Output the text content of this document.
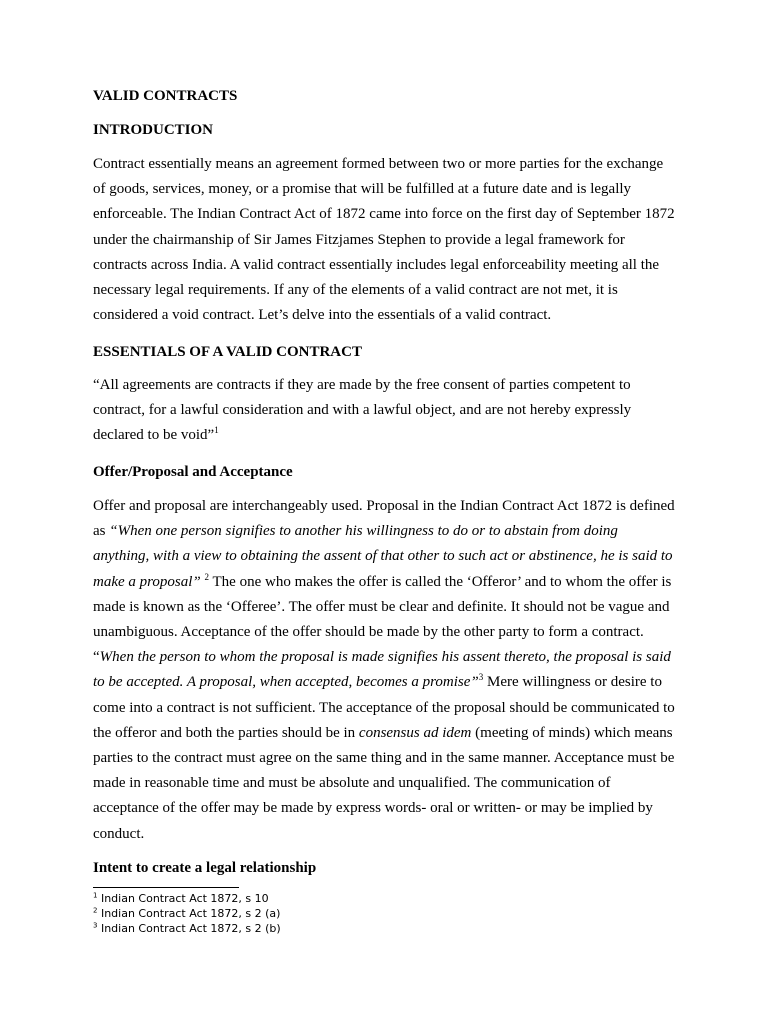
VALID CONTRACTS
INTRODUCTION

Contract essentially means an agreement formed between two or more parties for the exchange of goods, services, money, or a promise that will be fulfilled at a future date and is legally enforceable. The Indian Contract Act of 1872 came into force on the first day of September 1872 under the chairmanship of Sir James Fitzjames Stephen to provide a legal framework for contracts across India. A valid contract essentially includes legal enforceability meeting all the necessary legal requirements. If any of the elements of a valid contract are not met, it is considered a void contract. Let’s delve into the essentials of a valid contract.

ESSENTIALS OF A VALID CONTRACT

“All agreements are contracts if they are made by the free consent of parties competent to contract, for a lawful consideration and with a lawful object, and are not hereby expressly declared to be void”$^1$

Offer/Proposal and Acceptance

Offer and proposal are interchangeably used. Proposal in the Indian Contract Act 1872 is defined as “When one person signifies to another his willingness to do or to abstain from doing anything, with a view to obtaining the assent of that other to such act or abstinence, he is said to make a proposal” $^2$ The one who makes the offer is called the ‘Offeror’ and to whom the offer is made is known as the ‘Offeree’. The offer must be clear and definite. It should not be vague and unambiguous. Acceptance of the offer should be made by the other party to form a contract. “When the person to whom the proposal is made signifies his assent thereto, the proposal is said to be accepted. A proposal, when accepted, becomes a promise”$^3$ Mere willingness or desire to come into a contract is not sufficient. The acceptance of the proposal should be communicated to the offeror and both the parties should be in consensus ad idem (meeting of minds) which means parties to the contract must agree on the same thing and in the same manner. Acceptance must be made in reasonable time and must be absolute and unqualified. The communication of acceptance of the offer may be made by express words- oral or written- or may be implied by conduct.

Intent to create a legal relationship
$^1$ Indian Contract Act 1872, s 10
$^2$ Indian Contract Act 1872, s 2 (a)
$^3$ Indian Contract Act 1872, s 2 (b)
